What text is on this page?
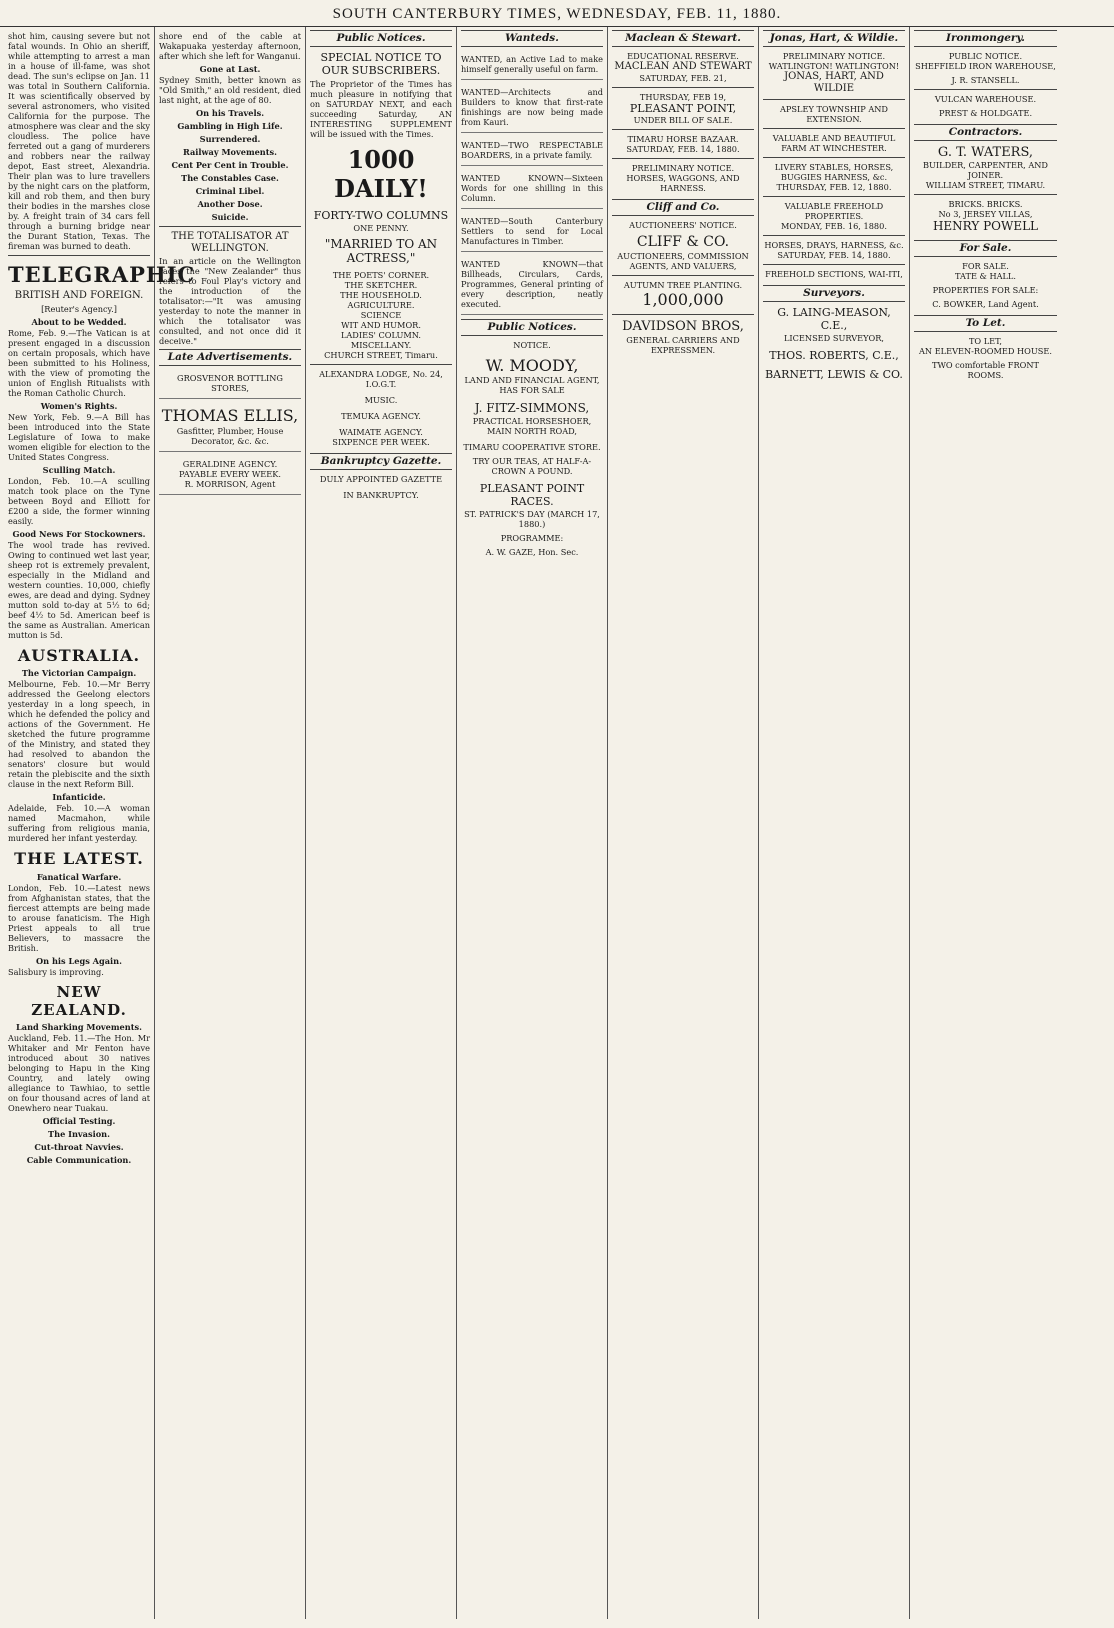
SOUTH CANTERBURY TIMES, WEDNESDAY, FEB. 11, 1880.
shot him, causing severe but not fatal wounds. In Ohio an sheriff, while attempting to arrest a man in a house of ill-fame, was shot dead. The sun's eclipse on Jan. 11 was total in Southern California. It was scientifically observed by several astronomers, who visited California for the purpose. The atmosphere was clear and the sky cloudless. The police have ferreted out a gang of murderers and robbers near the railway depot, East street, Alexandria. Their plan was to lure travellers by the night cars on the platform, kill and rob them, and then bury their bodies in the marshes close by. A freight train of 34 cars fell through a burning bridge near the Durant Station, Texas. The fireman was burned to death.
TELEGRAPHIC
BRITISH AND FOREIGN.
[Reuter's Agency.]
About to be Wedded.
Rome, Feb. 9.—The Vatican is at present engaged in a discussion on certain proposals, which have been submitted to his Holiness, with the view of promoting the union of English Ritualists with the Roman Catholic Church.
Women's Rights.
New York, Feb. 9.—A Bill has been introduced into the State Legislature of Iowa to make women eligible for election to the United States Congress.
Sculling Match.
London, Feb. 10.—A sculling match took place on the Tyne between Boyd and Elliott for £200 a side, the former winning easily.
Good News For Stockowners.
The wool trade has revived. Owing to continued wet last year, sheep rot is extremely prevalent, especially in the Midland and western counties. 10,000, chiefly ewes, are dead and dying. Sydney mutton sold to-day at 5½ to 6d; beef 4½ to 5d. American beef is the same as Australian. American mutton is 5d.
AUSTRALIA.
The Victorian Campaign.
Melbourne, Feb. 10.—Mr Berry addressed the Geelong electors yesterday in a long speech, in which he defended the policy and actions of the Government. He sketched the future programme of the Ministry, and stated they had resolved to abandon the senators' closure but would retain the plebiscite and the sixth clause in the next Reform Bill.
Infanticide.
Adelaide, Feb. 10.—A woman named Macmahon, while suffering from religious mania, murdered her infant yesterday.
THE LATEST.
Fanatical Warfare.
London, Feb. 10.—Latest news from Afghanistan states, that the fiercest attempts are being made to arouse fanaticism. The High Priest appeals to all true Believers, to massacre the British.
On his Legs Again.
Salisbury is improving.
NEW ZEALAND.
Land Sharking Movements.
Auckland, Feb. 11.—The Hon. Mr Whitaker and Mr Fenton have introduced about 30 natives belonging to Hapu in the King Country, and lately owing allegiance to Tawhiao, to settle on four thousand acres of land at Onewhero near Tuakau.
Official Testing.
The Invasion.
Cut-throat Navvies.
Cable Communication.
shore end of the cable at Wakapuaka yesterday afternoon, after which she left for Wanganui.
Gone at Last.
Sydney Smith, better known as "Old Smith," an old resident, died last night, at the age of 80.
On his Travels.
Gambling in High Life.
Surrendered.
Railway Movements.
Cent Per Cent in Trouble.
The Constables Case.
Criminal Libel.
Another Dose.
Suicide.
THE TOTALISATOR AT WELLINGTON.
In an article on the Wellington races the "New Zealander" thus refers to Foul Play's victory and the introduction of the totalisator:—"It was amusing yesterday to note the manner in which the totalisator was consulted, and not once did it deceive."
Late Advertisements.
GROSVENOR BOTTLING STORES,
THOMAS ELLIS,
Gasfitter, Plumber, House Decorator, &c. &c.
GERALDINE AGENCY.
PAYABLE EVERY WEEK.
R. MORRISON, Agent
Public Notices.
SPECIAL NOTICE TO OUR SUBSCRIBERS.
The Proprietor of the Times has much pleasure in notifying that on SATURDAY NEXT, and each succeeding Saturday, AN INTERESTING SUPPLEMENT will be issued with the Times.
1000 DAILY!
FORTY-TWO COLUMNS
ONE PENNY.
"MARRIED TO AN ACTRESS,"
THE POETS' CORNER.
THE SKETCHER.
THE HOUSEHOLD.
AGRICULTURE.
SCIENCE
WIT AND HUMOR.
LADIES' COLUMN.
MISCELLANY.
CHURCH STREET, Timaru.
ALEXANDRA LODGE, No. 24, I.O.G.T.
MUSIC.
TEMUKA AGENCY.
WAIMATE AGENCY.
SIXPENCE PER WEEK.
Bankruptcy Gazette.
DULY APPOINTED GAZETTE
IN BANKRUPTCY.
Wanteds.
WANTED, an Active Lad to make himself generally useful on farm.
WANTED—Architects and Builders to know that first-rate finishings are now being made from Kauri.
WANTED—TWO RESPECTABLE BOARDERS, in a private family.
WANTED KNOWN—Sixteen Words for one shilling in this Column.
WANTED—South Canterbury Settlers to send for Local Manufactures in Timber.
WANTED KNOWN—that Billheads, Circulars, Cards, Programmes, General printing of every description, neatly executed.
Public Notices.
NOTICE.
W. MOODY,
LAND AND FINANCIAL AGENT, HAS FOR SALE
J. FITZ-SIMMONS,
PRACTICAL HORSESHOER, MAIN NORTH ROAD,
TIMARU COOPERATIVE STORE.
TRY OUR TEAS, AT HALF-A-CROWN A POUND.
PLEASANT POINT RACES.
ST. PATRICK'S DAY (MARCH 17, 1880.)
PROGRAMME:
A. W. GAZE, Hon. Sec.
Maclean & Stewart.
EDUCATIONAL RESERVE.
MACLEAN AND STEWART
SATURDAY, FEB. 21,
THURSDAY, FEB 19,
PLEASANT POINT,
UNDER BILL OF SALE.
TIMARU HORSE BAZAAR.
SATURDAY, FEB. 14, 1880.
PRELIMINARY NOTICE.
HORSES, WAGGONS, AND HARNESS.
Cliff and Co.
AUCTIONEERS' NOTICE.
CLIFF & CO.
AUCTIONEERS, COMMISSION AGENTS, AND VALUERS,
AUTUMN TREE PLANTING.
1,000,000
DAVIDSON BROS,
GENERAL CARRIERS AND EXPRESSMEN.
Jonas, Hart, & Wildie.
PRELIMINARY NOTICE.
WATLINGTON! WATLINGTON!
JONAS, HART, AND WILDIE
APSLEY TOWNSHIP AND EXTENSION.
VALUABLE AND BEAUTIFUL FARM AT WINCHESTER.
LIVERY STABLES, HORSES, BUGGIES HARNESS, &c.
THURSDAY, FEB. 12, 1880.
VALUABLE FREEHOLD PROPERTIES.
MONDAY, FEB. 16, 1880.
HORSES, DRAYS, HARNESS, &c.
SATURDAY, FEB. 14, 1880.
FREEHOLD SECTIONS, WAI-ITI,
Surveyors.
G. LAING-MEASON, C.E.,
LICENSED SURVEYOR,
THOS. ROBERTS, C.E.,
BARNETT, LEWIS & CO.
Ironmongery.
PUBLIC NOTICE.
SHEFFIELD IRON WAREHOUSE,
J. R. STANSELL.
VULCAN WAREHOUSE.
PREST & HOLDGATE.
Contractors.
G. T. WATERS,
BUILDER, CARPENTER, AND JOINER.
WILLIAM STREET, TIMARU.
BRICKS. BRICKS.
No 3, JERSEY VILLAS,
HENRY POWELL
For Sale.
FOR SALE.
TATE & HALL.
PROPERTIES FOR SALE:
C. BOWKER, Land Agent.
To Let.
TO LET,
AN ELEVEN-ROOMED HOUSE.
TWO comfortable FRONT ROOMS.
